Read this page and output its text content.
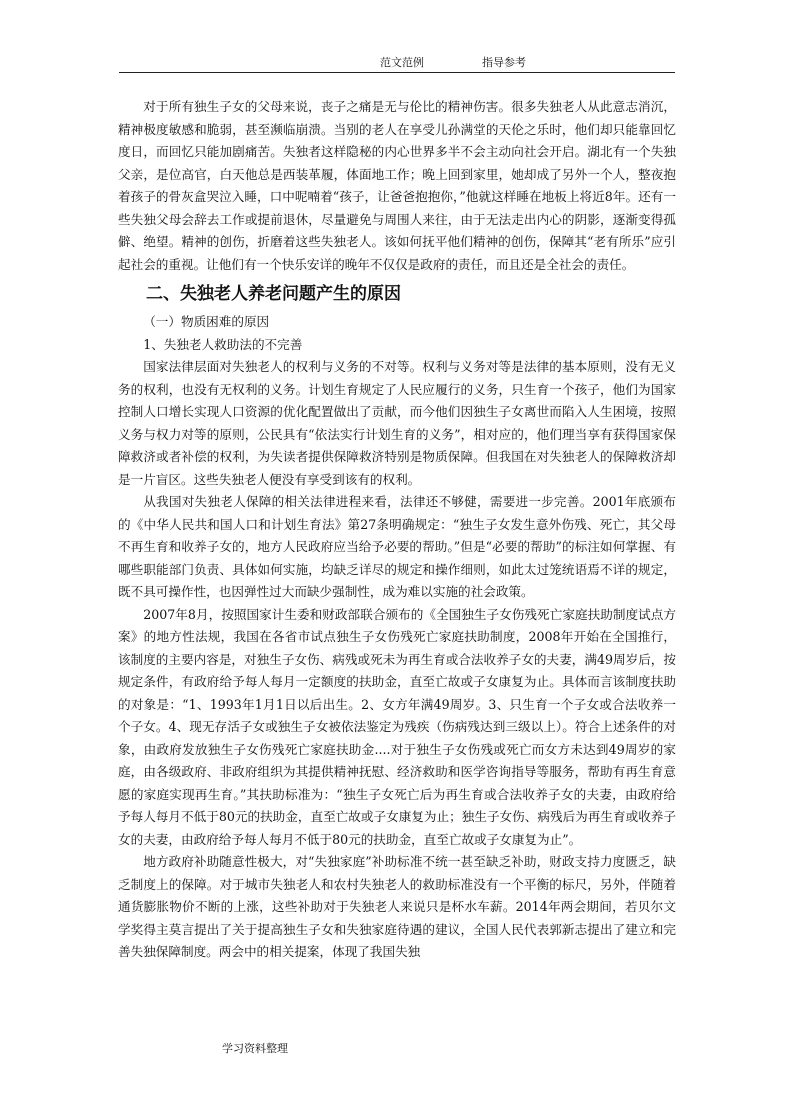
范文范例	指导参考

对于所有独生子女的父母来说，丧子之痛是无与伦比的精神伤害。很多失独老人从此意志消沉，精神极度敏感和脆弱，甚至濒临崩溃。当别的老人在享受儿孙满堂的天伦之乐时，他们却只能靠回忆度日，而回忆只能加剧痛苦。失独者这样隐秘的内心世界多半不会主动向社会开启。湖北有一个失独父亲，是位高官，白天他总是西装革履，体面地工作；晚上回到家里，她却成了另外一个人，整夜抱着孩子的骨灰盒哭泣入睡，口中呢喃着“孩子，让爸爸抱抱你，”他就这样睡在地板上将近8年。还有一些失独父母会辞去工作或提前退休，尽量避免与周围人来往，由于无法走出内心的阴影，逐渐变得孤僻、绝望。精神的创伤，折磨着这些失独老人。该如何抚平他们精神的创伤，保障其“老有所乐”应引起社会的重视。让他们有一个快乐安详的晚年不仅仅是政府的责任，而且还是全社会的责任。

二、失独老人养老问题产生的原因

（一）物质困难的原因

1、失独老人救助法的不完善

国家法律层面对失独老人的权利与义务的不对等。权利与义务对等是法律的基本原则，没有无义务的权利，也没有无权利的义务。计划生育规定了人民应履行的义务，只生育一个孩子，他们为国家控制人口增长实现人口资源的优化配置做出了贡献，而今他们因独生子女离世而陷入人生困境，按照义务与权力对等的原则，公民具有“依法实行计划生育的义务”，相对应的，他们理当享有获得国家保障救济或者补偿的权利，为失读者提供保障救济特别是物质保障。但我国在对失独老人的保障救济却是一片盲区。这些失独老人便没有享受到该有的权利。

从我国对失独老人保障的相关法律进程来看，法律还不够健，需要进一步完善。2001年底颁布的《中华人民共和国人口和计划生育法》第27条明确规定：“独生子女发生意外伤残、死亡，其父母不再生育和收养子女的，地方人民政府应当给予必要的帮助。”但是“必要的帮助”的标注如何掌握、有哪些职能部门负责、具体如何实施，均缺乏详尽的规定和操作细则，如此太过笼统语焉不详的规定，既不具可操作性，也因弹性过大而缺少强制性，成为难以实施的社会政策。

2007年8月，按照国家计生委和财政部联合颁布的《全国独生子女伤残死亡家庭扶助制度试点方案》的地方性法规，我国在各省市试点独生子女伤残死亡家庭扶助制度，2008年开始在全国推行，该制度的主要内容是，对独生子女伤、病残或死未为再生育或合法收养子女的夫妻，满49周岁后，按规定条件，有政府给予每人每月一定额度的扶助金，直至亡故或子女康复为止。具体而言该制度扶助的对象是：“1、1993年1月1日以后出生。2、女方年满49周岁。3、只生育一个子女或合法收养一个子女。4、现无存活子女或独生子女被依法鉴定为残疾（伤病残达到三级以上）。符合上述条件的对象，由政府发放独生子女伤残死亡家庭扶助金....对于独生子女伤残或死亡而女方未达到49周岁的家庭，由各级政府、非政府组织为其提供精神抚慰、经济救助和医学咨询指导等服务，帮助有再生育意愿的家庭实现再生育。”其扶助标准为：“独生子女死亡后为再生育或合法收养子女的夫妻，由政府给予每人每月不低于80元的扶助金，直至亡故或子女康复为止；独生子女伤、病残后为再生育或收养子女的夫妻，由政府给予每人每月不低于80元的扶助金，直至亡故或子女康复为止”。

地方政府补助随意性极大，对“失独家庭”补助标准不统一甚至缺乏补助，财政支持力度匮乏，缺乏制度上的保障。对于城市失独老人和农村失独老人的救助标准没有一个平衡的标尺，另外，伴随着通货膨胀物价不断的上涨，这些补助对于失独老人来说只是杯水车薪。2014年两会期间，若贝尔文学奖得主莫言提出了关于提高独生子女和失独家庭待遇的建议，全国人民代表郭新志提出了建立和完善失独保障制度。两会中的相关提案，体现了我国失独

学习资料整理
